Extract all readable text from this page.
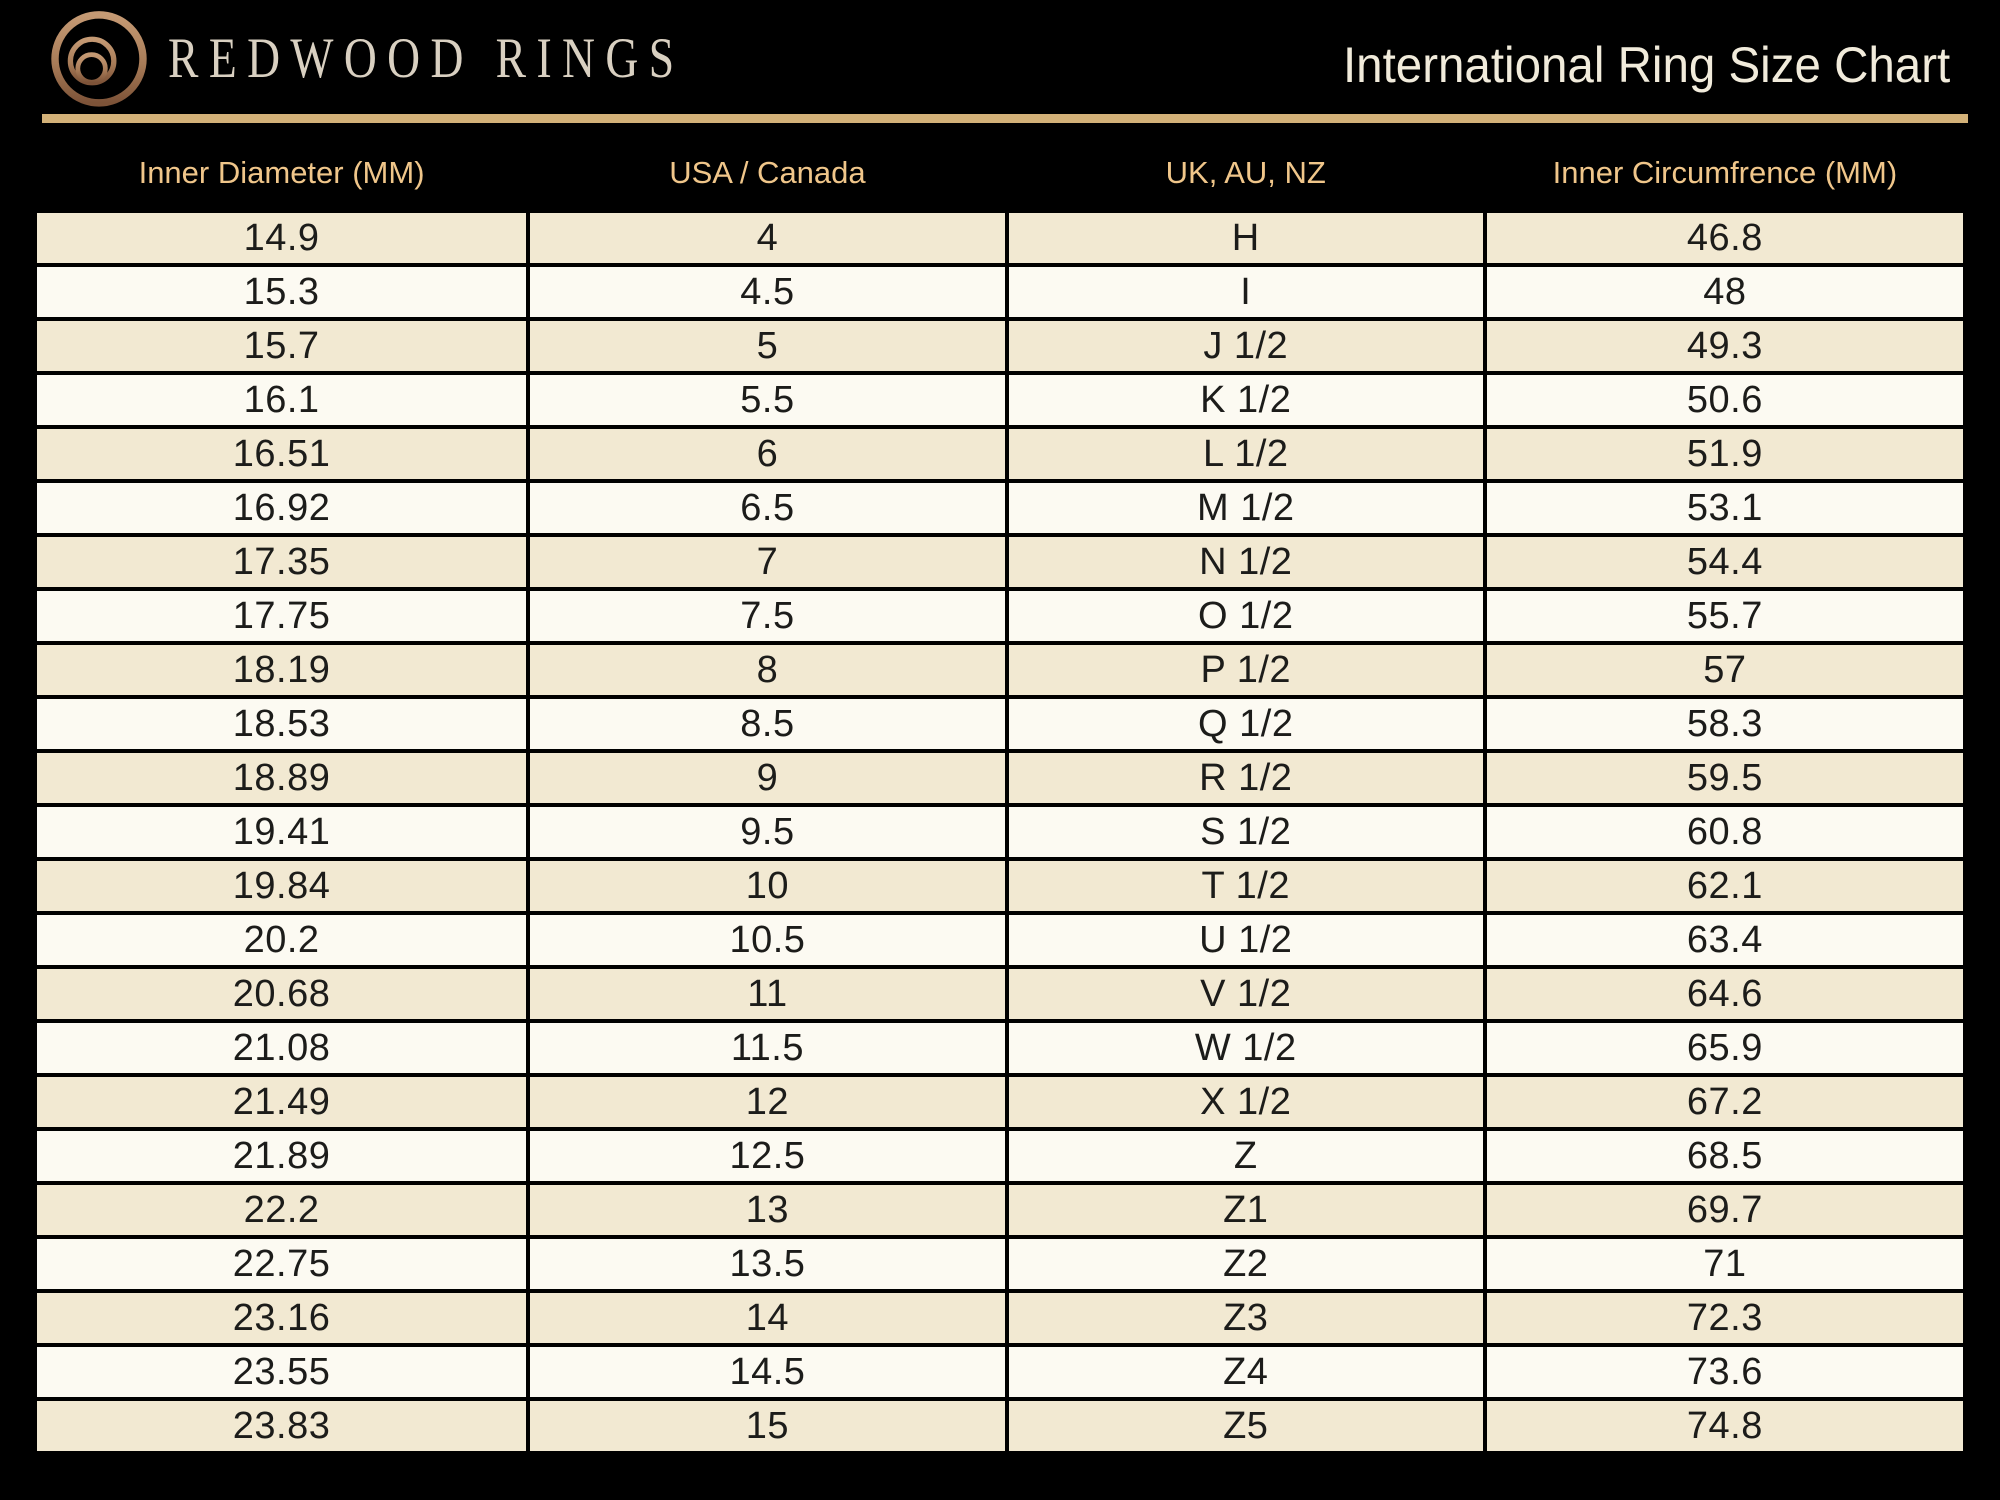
REDWOOD RINGS	International Ring Size Chart
Inner Diameter (MM)	USA / Canada	UK, AU, NZ	Inner Circumfrence (MM)
14.9	4	H	46.8
15.3	4.5	I	48
15.7	5	J 1/2	49.3
16.1	5.5	K 1/2	50.6
16.51	6	L 1/2	51.9
16.92	6.5	M 1/2	53.1
17.35	7	N 1/2	54.4
17.75	7.5	O 1/2	55.7
18.19	8	P 1/2	57
18.53	8.5	Q 1/2	58.3
18.89	9	R 1/2	59.5
19.41	9.5	S 1/2	60.8
19.84	10	T 1/2	62.1
20.2	10.5	U 1/2	63.4
20.68	11	V 1/2	64.6
21.08	11.5	W 1/2	65.9
21.49	12	X 1/2	67.2
21.89	12.5	Z	68.5
22.2	13	Z1	69.7
22.75	13.5	Z2	71
23.16	14	Z3	72.3
23.55	14.5	Z4	73.6
23.83	15	Z5	74.8
